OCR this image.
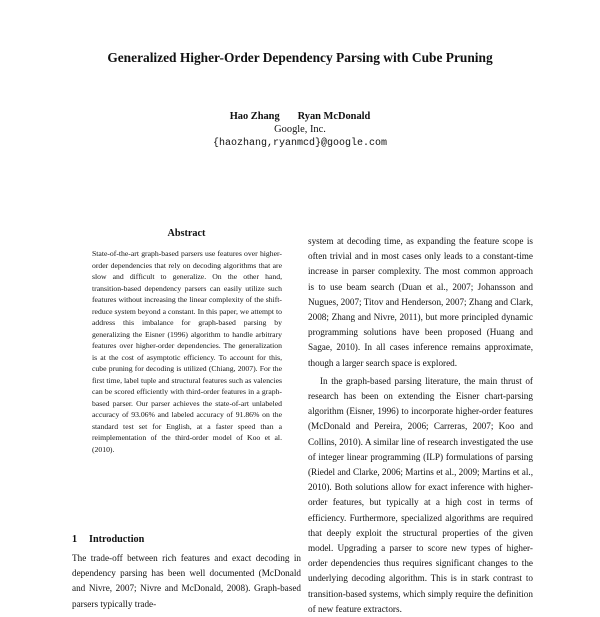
Generalized Higher-Order Dependency Parsing with Cube Pruning
Hao Zhang Ryan McDonald
Google, Inc.
{haozhang,ryanmcd}@google.com
Abstract
State-of-the-art graph-based parsers use features over higher-order dependencies that rely on decoding algorithms that are slow and difficult to generalize. On the other hand, transition-based dependency parsers can easily utilize such features without increasing the linear complexity of the shift-reduce system beyond a constant. In this paper, we attempt to address this imbalance for graph-based parsing by generalizing the Eisner (1996) algorithm to handle arbitrary features over higher-order dependencies. The generalization is at the cost of asymptotic efficiency. To account for this, cube pruning for decoding is utilized (Chiang, 2007). For the first time, label tuple and structural features such as valencies can be scored efficiently with third-order features in a graph-based parser. Our parser achieves the state-of-art unlabeled accuracy of 93.06% and labeled accuracy of 91.86% on the standard test set for English, at a faster speed than a reimplementation of the third-order model of Koo et al. (2010).
1 Introduction
The trade-off between rich features and exact decoding in dependency parsing has been well documented (McDonald and Nivre, 2007; Nivre and McDonald, 2008). Graph-based parsers typically trade-

system at decoding time, as expanding the feature scope is often trivial and in most cases only leads to a constant-time increase in parser complexity. The most common approach is to use beam search (Duan et al., 2007; Johansson and Nugues, 2007; Titov and Henderson, 2007; Zhang and Clark, 2008; Zhang and Nivre, 2011), but more principled dynamic programming solutions have been proposed (Huang and Sagae, 2010). In all cases inference remains approximate, though a larger search space is explored.

In the graph-based parsing literature, the main thrust of research has been on extending the Eisner chart-parsing algorithm (Eisner, 1996) to incorporate higher-order features (McDonald and Pereira, 2006; Carreras, 2007; Koo and Collins, 2010). A similar line of research investigated the use of integer linear programming (ILP) formulations of parsing (Riedel and Clarke, 2006; Martins et al., 2009; Martins et al., 2010). Both solutions allow for exact inference with higher-order features, but typically at a high cost in terms of efficiency. Furthermore, specialized algorithms are required that deeply exploit the structural properties of the given model. Upgrading a parser to score new types of higher-order dependencies thus requires significant changes to the underlying decoding algorithm. This is in stark contrast to transition-based systems, which simply require the definition of new feature extractors.
